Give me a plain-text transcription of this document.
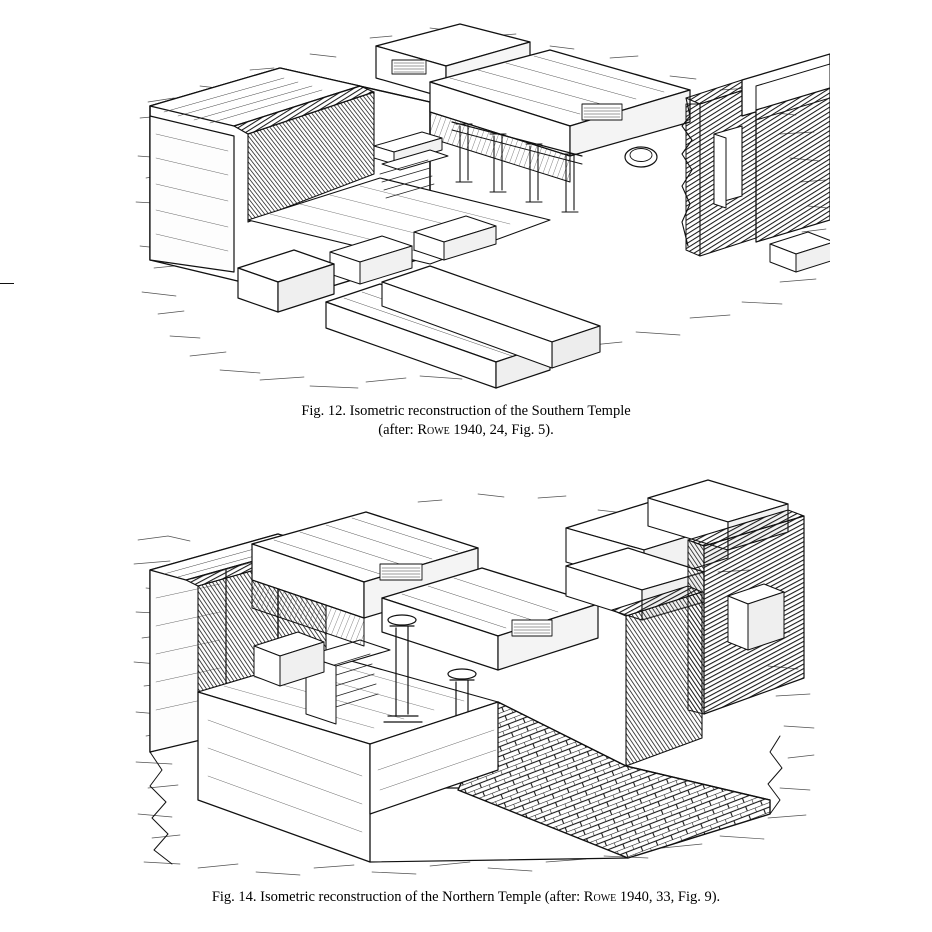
Fig. 12. Isometric reconstruction of the Southern Temple
(after: Rowe 1940, 24, Fig. 5).
Fig. 14. Isometric reconstruction of the Northern Temple (after: Rowe 1940, 33, Fig. 9).
